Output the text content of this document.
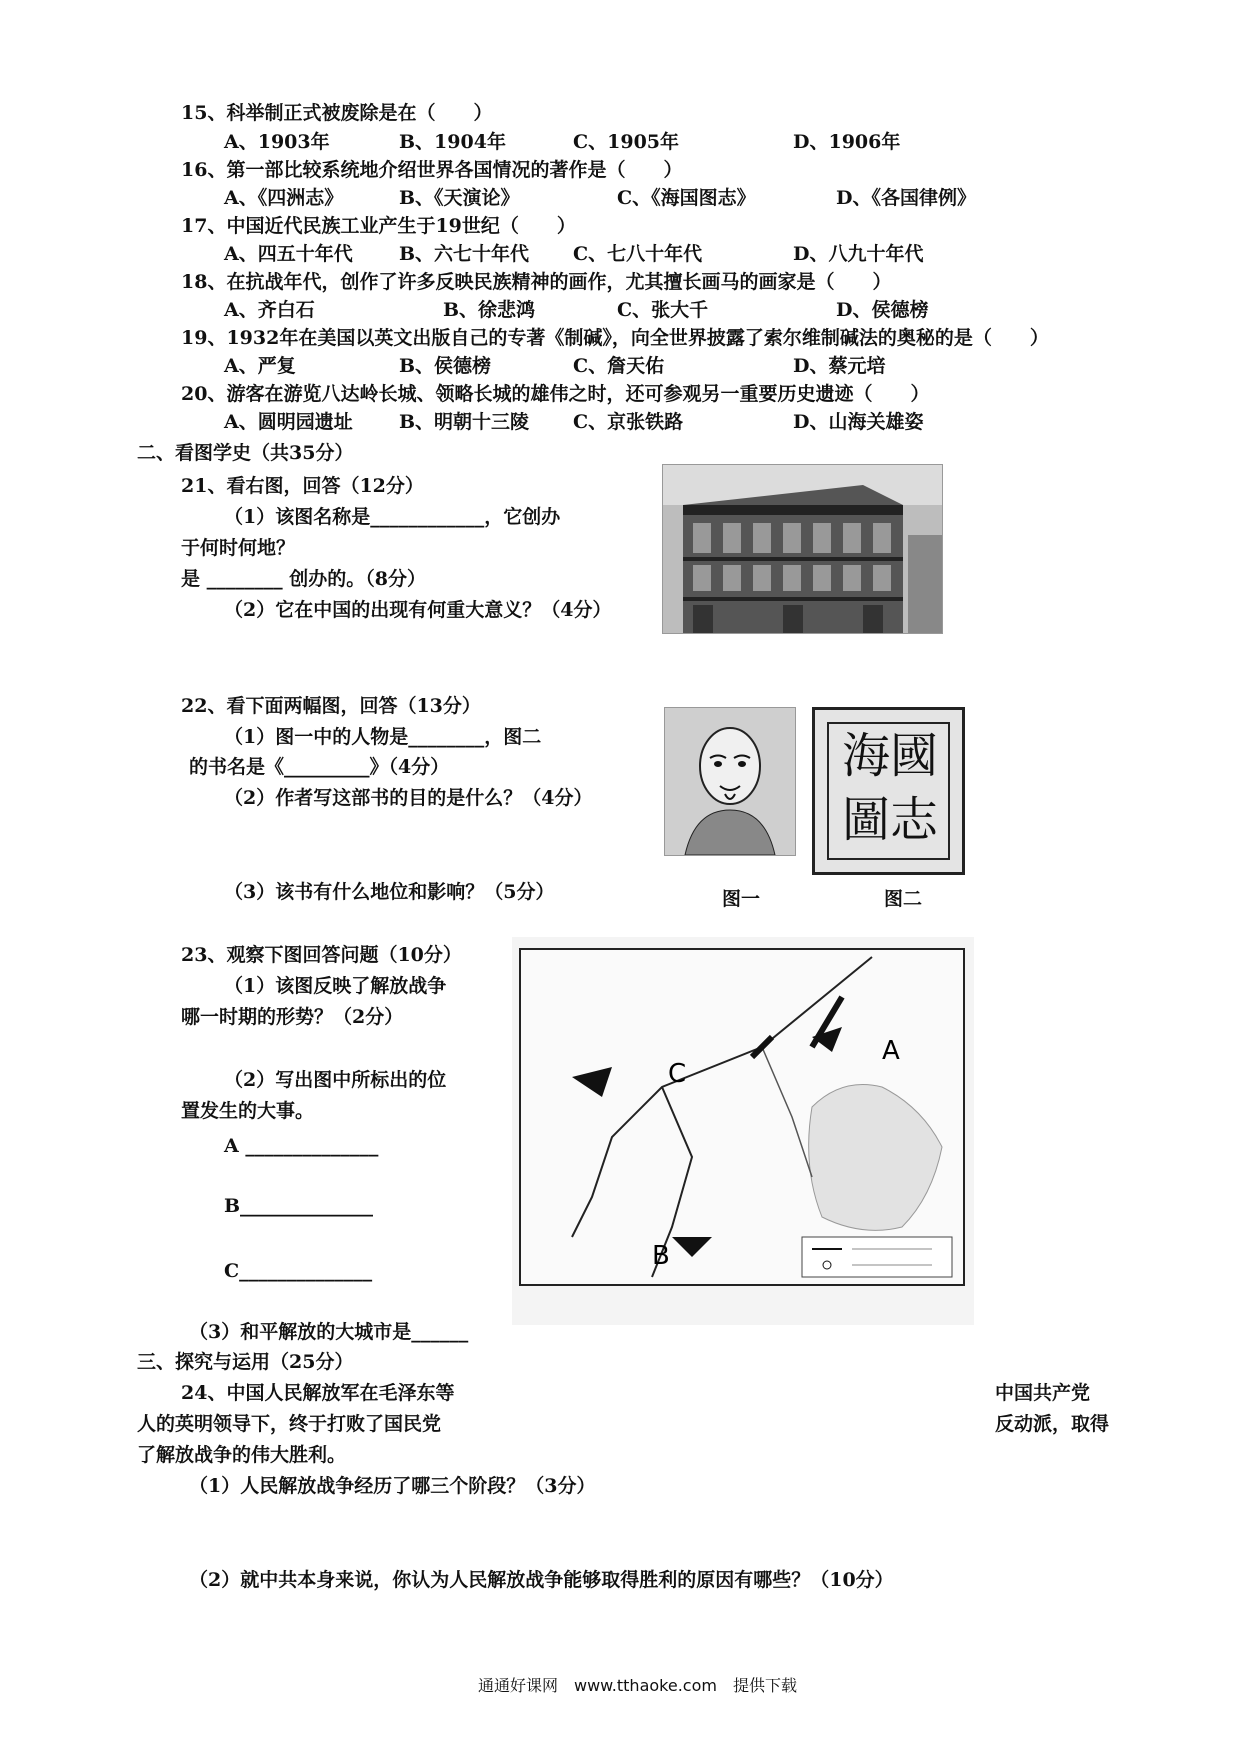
15、科举制正式被废除是在（　　）
A、1903年	B、1904年	C、1905年	D、1906年
16、第一部比较系统地介绍世界各国情况的著作是（　　）
A、《四洲志》	B、《天演论》	C、《海国图志》	D、《各国律例》
17、中国近代民族工业产生于19世纪（　　）
A、四五十年代 B、六七十年代 C、七八十年代	D、八九十年代
18、在抗战年代，创作了许多反映民族精神的画作，尤其擅长画马的画家是（　　）
A、齐白石	B、徐悲鸿	C、张大千	D、侯德榜
19、1932年在美国以英文出版自己的专著《制碱》，向全世界披露了索尔维制碱法的奥秘的是（　　）
A、严复	B、侯德榜	C、詹天佑	D、蔡元培
20、游客在游览八达岭长城、领略长城的雄伟之时，还可参观另一重要历史遗迹（　　）
A、圆明园遗址 B、明朝十三陵 C、京张铁路	D、山海关雄姿
二、看图学史（共35分）
21、看右图，回答（12分）
（1）该图名称是____________，它创办
于何时何地？
是 ________ 创办的。（8分）
（2）它在中国的出现有何重大意义？（4分）
22、看下面两幅图，回答（13分）
（1）图一中的人物是________，图二
的书名是《_________》（4分）
（2）作者写这部书的目的是什么？（4分）
（3）该书有什么地位和影响？（5分）
海國圖志
图一	图二
23、观察下图回答问题（10分）
（1）该图反映了解放战争
哪一时期的形势？（2分）
（2）写出图中所标出的位
置发生的大事。
A ______________
B______________
C______________
（3）和平解放的大城市是______
A
B
C
三、探究与运用（25分）
24、中国人民解放军在毛泽东等	中国共产党
人的英明领导下，终于打败了国民党	反动派，取得
了解放战争的伟大胜利。
（1）人民解放战争经历了哪三个阶段？（3分）
（2）就中共本身来说，你认为人民解放战争能够取得胜利的原因有哪些？（10分）
通通好课网　www.tthaoke.com　提供下载
